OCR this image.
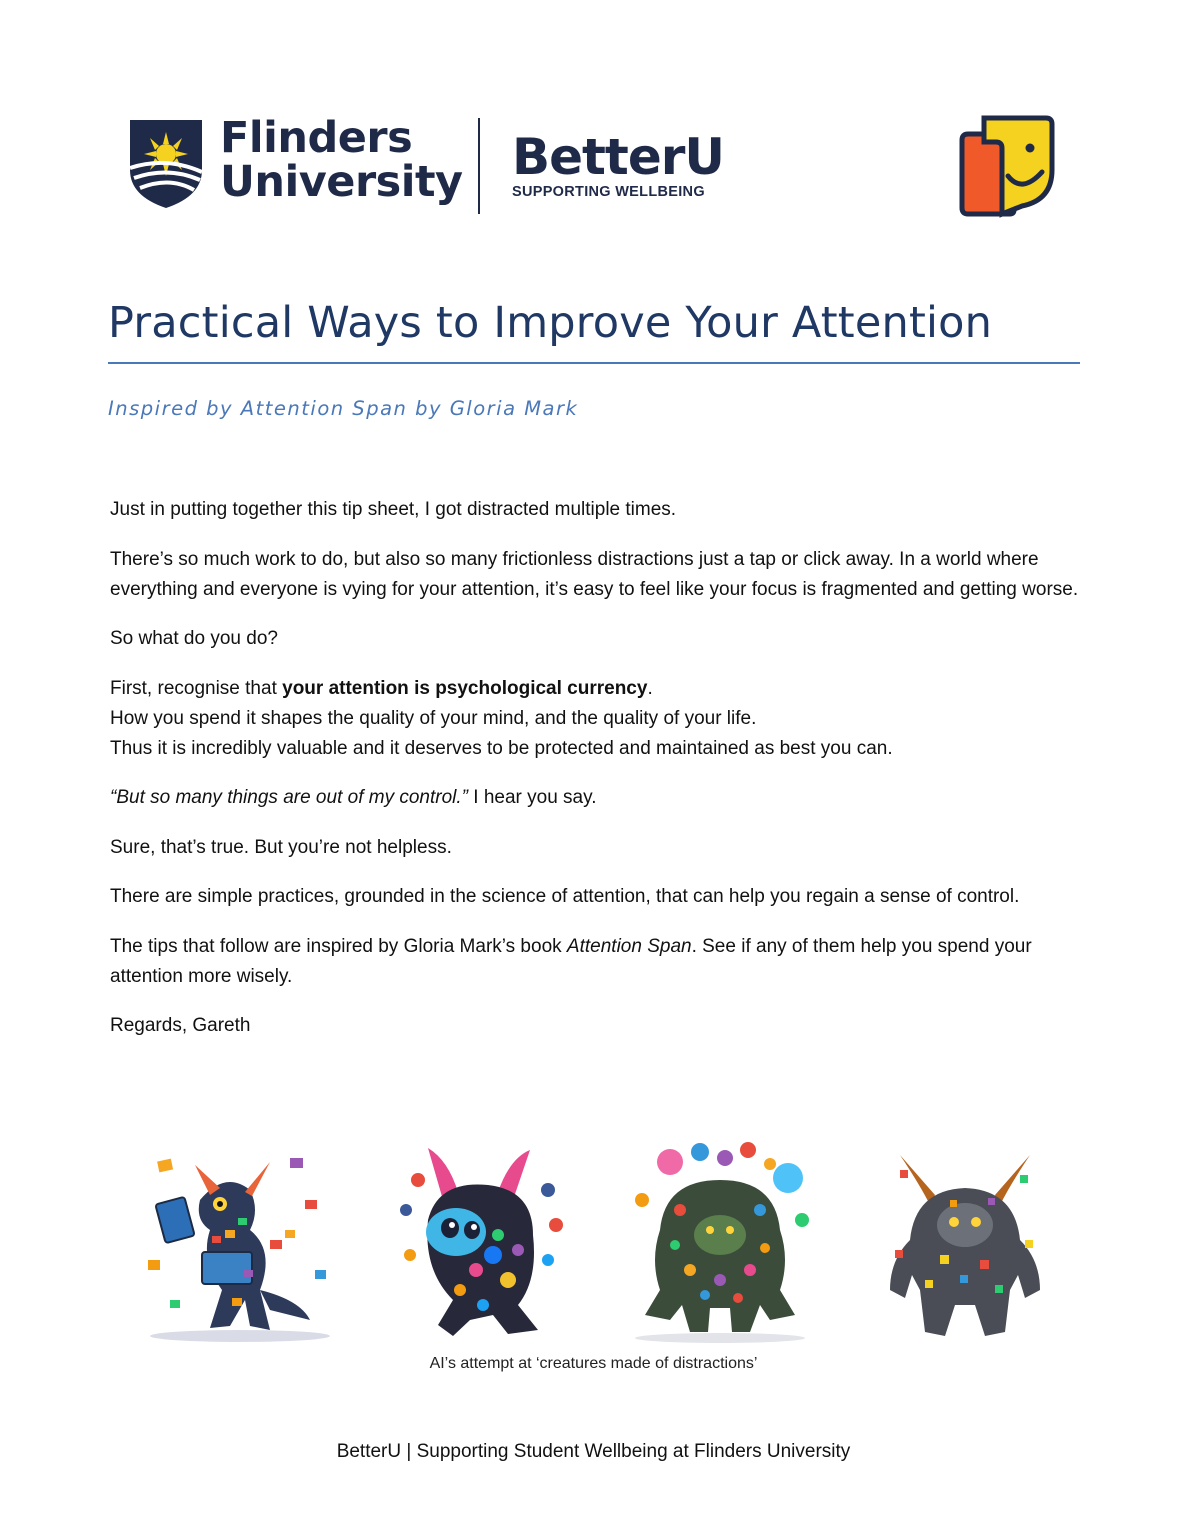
Flinders
University BetterU
SUPPORTING WELLBEING
Practical Ways to Improve Your Attention

Inspired by Attention Span by Gloria Mark

Just in putting together this tip sheet, I got distracted multiple times.

There’s so much work to do, but also so many frictionless distractions just a tap or click away. In a world where everything and everyone is vying for your attention, it’s easy to feel like your focus is fragmented and getting worse.

So what do you do?

First, recognise that your attention is psychological currency.
How you spend it shapes the quality of your mind, and the quality of your life.
Thus it is incredibly valuable and it deserves to be protected and maintained as best you can.

“But so many things are out of my control.” I hear you say.

Sure, that’s true. But you’re not helpless.

There are simple practices, grounded in the science of attention, that can help you regain a sense of control.

The tips that follow are inspired by Gloria Mark’s book Attention Span. See if any of them help you spend your attention more wisely.

Regards, Gareth

AI’s attempt at ‘creatures made of distractions’
BetterU | Supporting Student Wellbeing at Flinders University
